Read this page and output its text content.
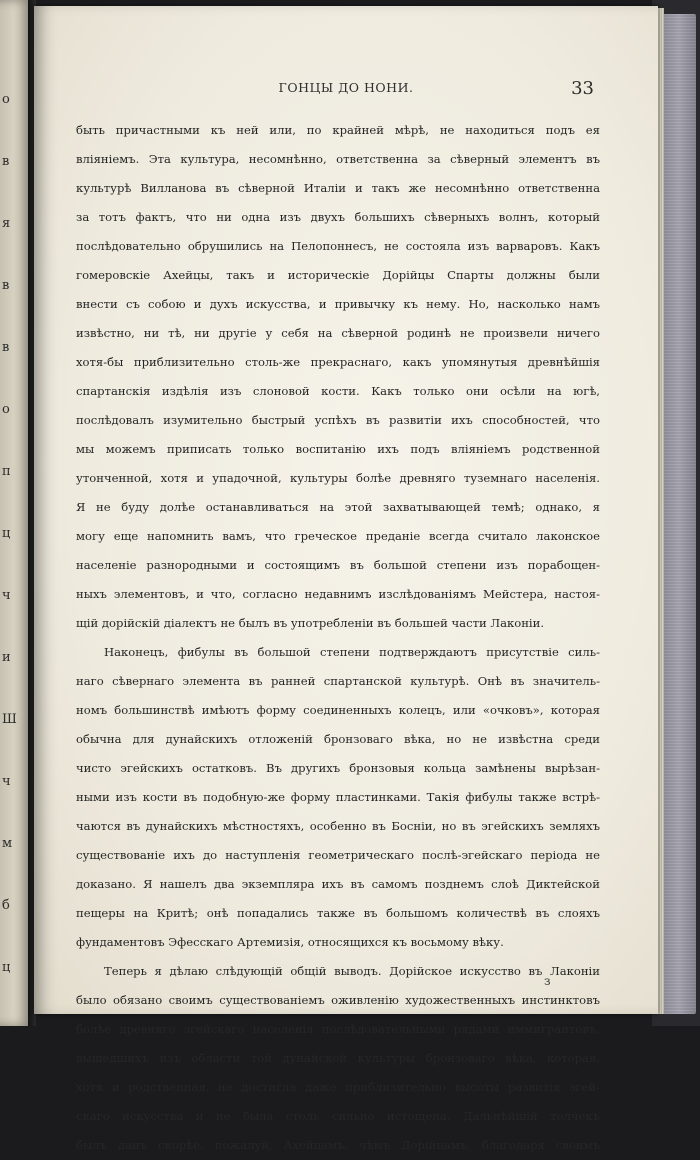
о
в
я
в
в
о
п
ц
ч
и
Ш
ч
м
б
ц
ГОНЦЫ ДО НОНИ.	33
быть причастными къ ней или, по крайней мѣрѣ, не находиться подъ ея
вліяніемъ. Эта культура, несомнѣнно, ответственна за сѣверный элементъ въ
культурѣ Вилланова въ сѣверной Италіи и такъ же несомнѣнно ответственна
за тотъ фактъ, что ни одна изъ двухъ большихъ сѣверныхъ волнъ, который
послѣдовательно обрушились на Пелопоннесъ, не состояла изъ варваровъ. Какъ
гомеровскіе Ахейцы, такъ и историческіе Дорійцы Спарты должны были
внести съ собою и духъ искусства, и привычку къ нему. Но, насколько намъ
извѣстно, ни тѣ, ни другіе у себя на сѣверной родинѣ не произвели ничего
хотя-бы приблизительно столь-же прекраснаго, какъ упомянутыя древнѣйшія
спартанскія издѣлія изъ слоновой кости. Какъ только они осѣли на югѣ,
послѣдовалъ изумительно быстрый успѣхъ въ развитіи ихъ способностей, что
мы можемъ приписать только воспитанію ихъ подъ вліяніемъ родственной
утонченной, хотя и упадочной, культуры болѣе древняго туземнаго населенія.
Я не буду долѣе останавливаться на этой захватывающей темѣ; однако, я
могу еще напомнить вамъ, что греческое преданіе всегда считало лаконское
населеніе разнородными и состоящимъ въ большой степени изъ порабощен-
ныхъ элементовъ, и что, согласно недавнимъ изслѣдованіямъ Мейстера, настоя-
щій дорійскій діалектъ не былъ въ употребленіи въ большей части Лаконіи.
Наконецъ, фибулы въ большой степени подтверждаютъ присутствіе силь-
наго сѣвернаго элемента въ ранней спартанской культурѣ. Онѣ въ значитель-
номъ большинствѣ имѣютъ форму соединенныхъ колецъ, или «очковъ», которая
обычна для дунайскихъ отложеній бронзоваго вѣка, но не извѣстна среди
чисто эгейскихъ остатковъ. Въ другихъ бронзовыя кольца замѣнены вырѣзан-
ными изъ кости въ подобную-же форму пластинками. Такія фибулы также встрѣ-
чаются въ дунайскихъ мѣстностяхъ, особенно въ Босніи, но въ эгейскихъ земляхъ
существованіе ихъ до наступленія геометрическаго послѣ-эгейскаго періода не
доказано. Я нашелъ два экземпляра ихъ въ самомъ позднемъ слоѣ Диктейской
пещеры на Критѣ; онѣ попадались также въ большомъ количествѣ въ слояхъ
фундаментовъ Эфесскаго Артемизія, относящихся къ восьмому вѣку.
Теперь я дѣлаю слѣдующій общій выводъ. Дорійское искусство въ Лаконіи
было обязано своимъ существованіемъ оживленію художественныхъ инстинктовъ
болѣе древняго эгейскаго населенія послѣдовательными рядами иммигрантовъ,
вышедшихъ изъ области той дунайской культуры бронзоваго вѣка, которая,
хотя и родственная, не достигла даже приблизительно высоты развитія эгей-
скаго искусства и не была столь сильно истощена. Дальнѣйшій толчекъ
былъ данъ скорѣе, пожалуй, Ахейцамъ, чѣмъ Дорійцамъ, благодаря своимъ
з
